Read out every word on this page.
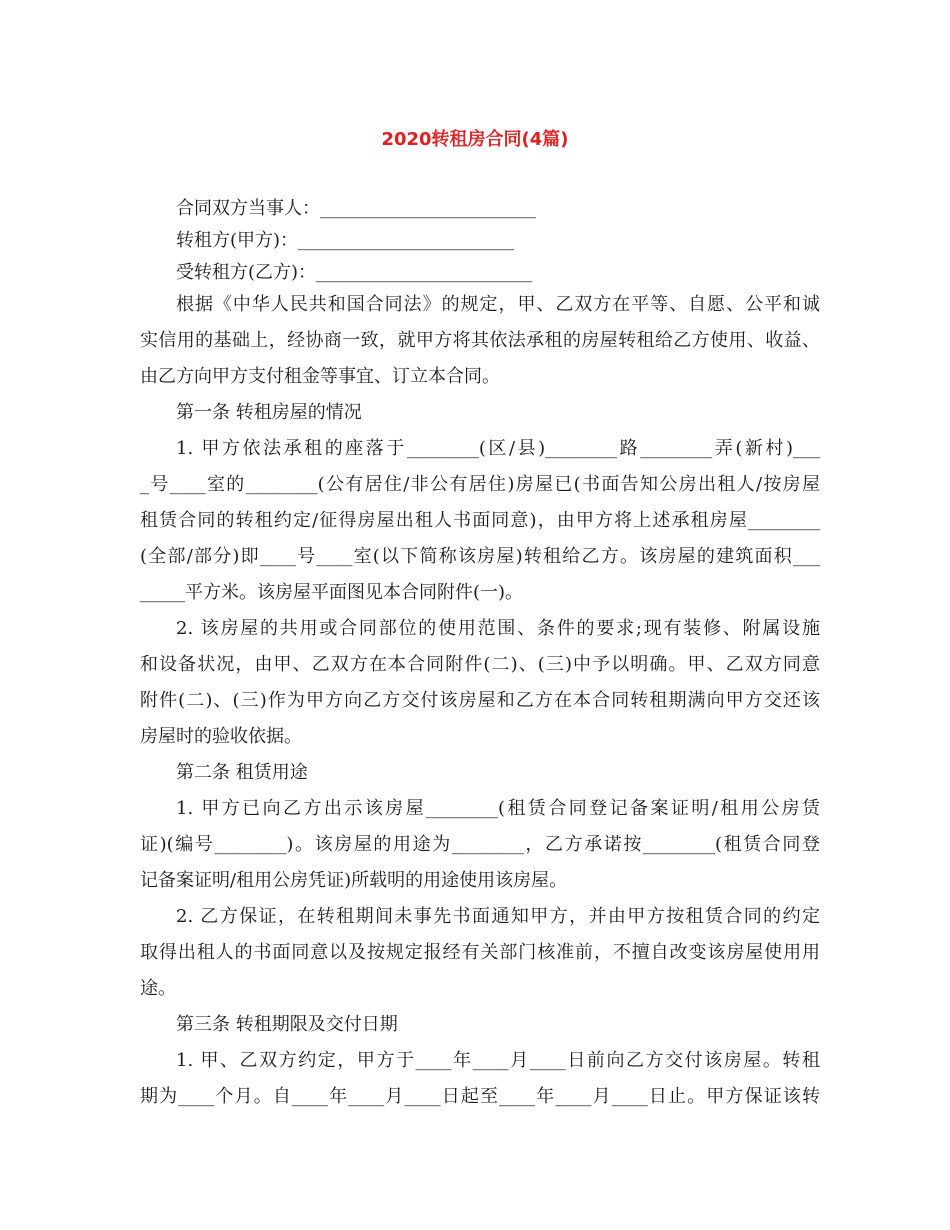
2020转租房合同(4篇)
合同双方当事人：________________________
转租方(甲方)：________________________
受转租方(乙方)：________________________
根据《中华人民共和国合同法》的规定，甲、乙双方在平等、自愿、公平和诚
实信用的基础上，经协商一致，就甲方将其依法承租的房屋转租给乙方使用、收益、
由乙方向甲方支付租金等事宜、订立本合同。
第一条 转租房屋的情况
1. 甲方依法承租的座落于________(区/县)________路________弄(新村)___
_号____室的________(公有居住/非公有居住)房屋已(书面告知公房出租人/按房屋
租赁合同的转租约定/征得房屋出租人书面同意)，由甲方将上述承租房屋________
(全部/部分)即____号____室(以下简称该房屋)转租给乙方。该房屋的建筑面积___
_____平方米。该房屋平面图见本合同附件(一)。
2. 该房屋的共用或合同部位的使用范围、条件的要求;现有装修、附属设施
和设备状况，由甲、乙双方在本合同附件(二)、(三)中予以明确。甲、乙双方同意
附件(二)、(三)作为甲方向乙方交付该房屋和乙方在本合同转租期满向甲方交还该
房屋时的验收依据。
第二条 租赁用途
1. 甲方已向乙方出示该房屋________(租赁合同登记备案证明/租用公房赁
证)(编号________)。该房屋的用途为________，乙方承诺按________(租赁合同登
记备案证明/租用公房凭证)所载明的用途使用该房屋。
2. 乙方保证，在转租期间未事先书面通知甲方，并由甲方按租赁合同的约定
取得出租人的书面同意以及按规定报经有关部门核准前，不擅自改变该房屋使用用
途。
第三条 转租期限及交付日期
1. 甲、乙双方约定，甲方于____年____月____日前向乙方交付该房屋。转租
期为____个月。自____年____月____日起至____年____月____日止。甲方保证该转
